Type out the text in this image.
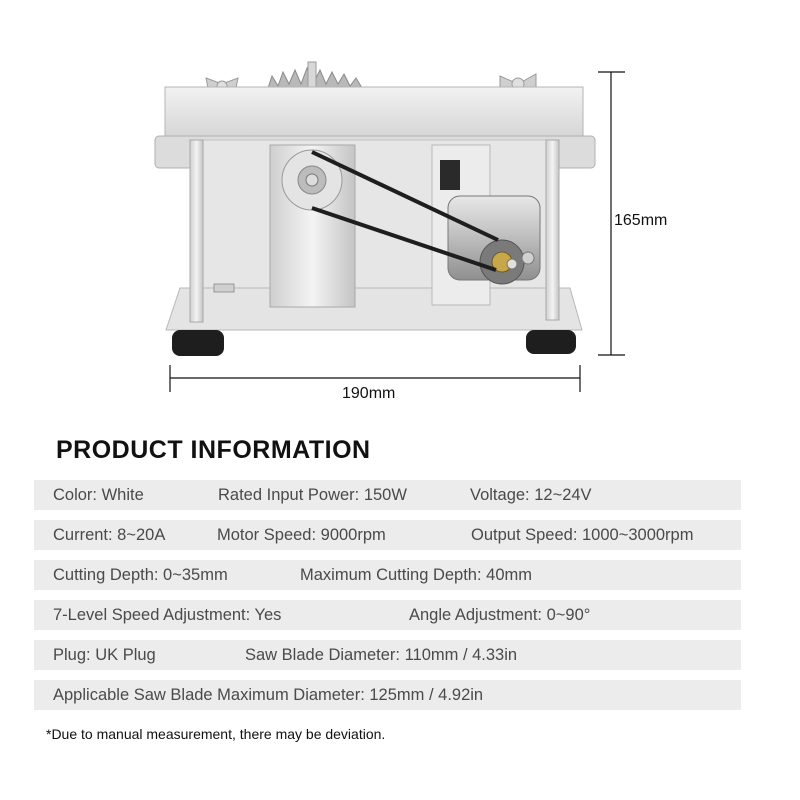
165mm
190mm
PRODUCT INFORMATION
Color: White	Rated Input Power: 150W	Voltage: 12~24V
Current: 8~20A	Motor Speed: 9000rpm	Output Speed: 1000~3000rpm
Cutting Depth: 0~35mm	Maximum Cutting Depth: 40mm
7-Level Speed Adjustment: Yes	Angle Adjustment: 0~90°
Plug: UK Plug	Saw Blade Diameter: 110mm / 4.33in
Applicable Saw Blade Maximum Diameter: 125mm / 4.92in
*Due to manual measurement, there may be deviation.
